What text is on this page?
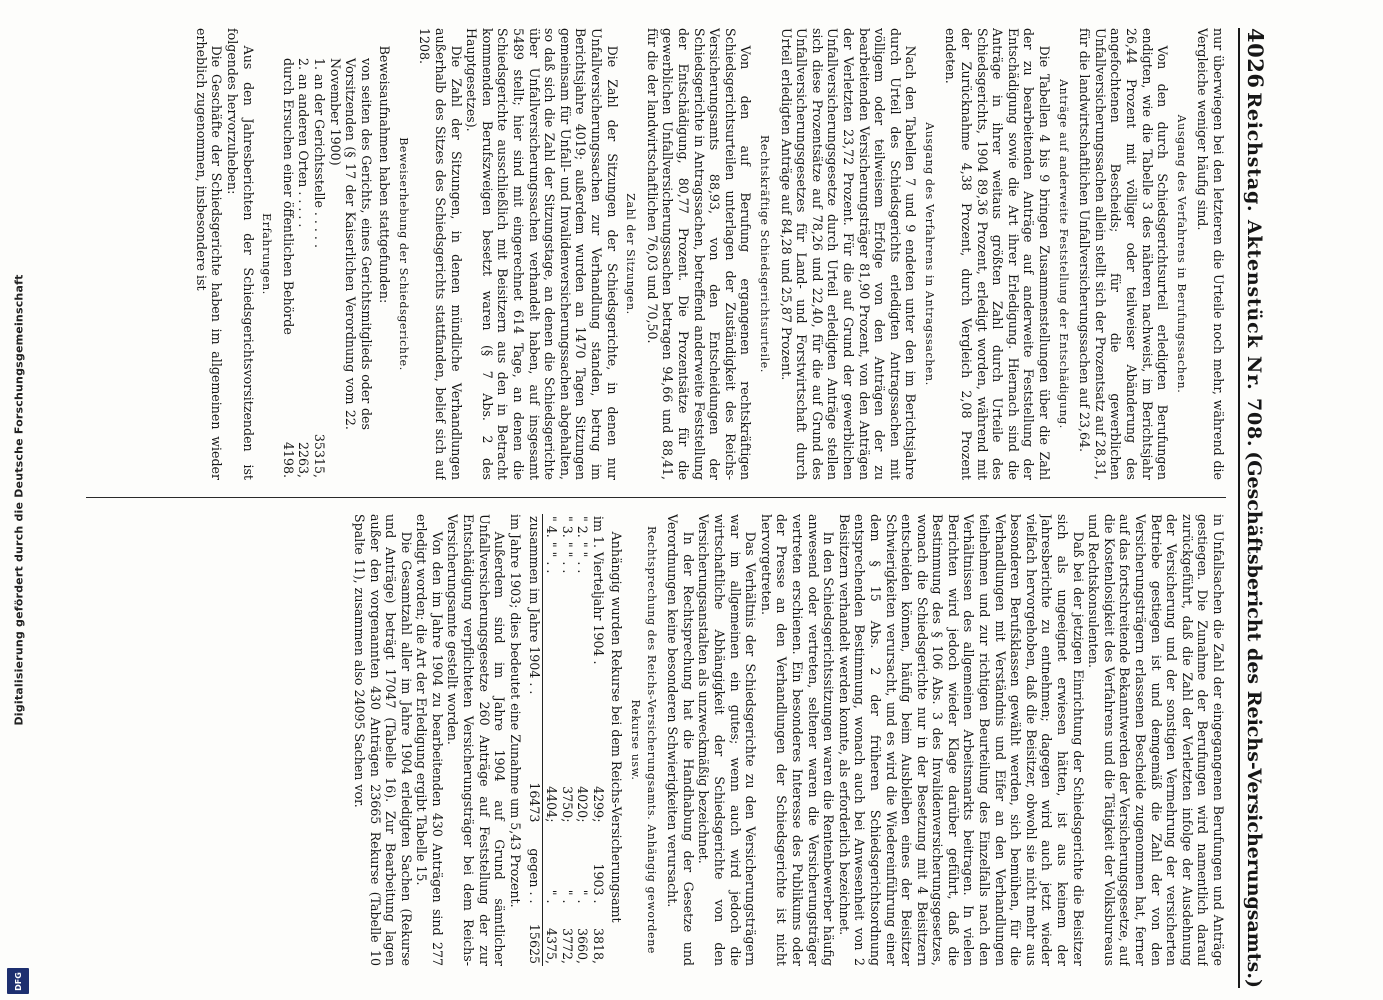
Digitalisierung gefördert durch die Deutsche Forschungsgemeinschaft
DFG
4026
Reichstag. Aktenstück Nr. 708.
(Geschäftsbericht des Reichs-Versicherungsamts.)

nur überwiegen bei den letzteren die Urteile noch mehr, während die Vergleiche weniger häufig sind.

Ausgang des Verfahrens in Berufungssachen.

Von den durch Schiedsgerichtsurteil erledigten Berufungen endigten, wie die Tabelle 3 des näheren nachweist, im Berichtsjahr 26,44 Prozent mit völliger oder teilweiser Abänderung des angefochtenen Bescheids; für die gewerblichen Unfallversicherungssachen allein stellt sich der Prozentsatz auf 28,31, für die landwirtschaftlichen Unfallversicherungssachen auf 23,64.

Anträge auf anderweite Feststellung der Entschädigung.

Die Tabellen 4 bis 9 bringen Zusammenstellungen über die Zahl der zu bearbeitenden Anträge auf anderweite Feststellung der Entschädigung sowie die Art ihrer Erledigung. Hiernach sind die Anträge in ihrer weitaus größten Zahl durch Urteile des Schiedsgerichts, 1904 89,36 Prozent, erledigt worden, während mit der Zurücknahme 4,38 Prozent, durch Vergleich 2,08 Prozent endeten.

Ausgang des Verfahrens in Antragssachen.

Nach den Tabellen 7 und 9 endeten unter den im Berichtsjahre durch Urteil des Schiedsgerichts erledigten Antragssachen mit völligem oder teilweisem Erfolge von den Anträgen der zu bearbeitenden Versicherungsträger 81,90 Prozent, von den Anträgen der Verletzten 23,72 Prozent. Für die auf Grund der gewerblichen Unfallversicherungsgesetze durch Urteil erledigten Anträge stellen sich diese Prozentsätze auf 78,26 und 22,40, für die auf Grund des Unfallversicherungsgesetzes für Land- und Forstwirtschaft durch Urteil erledigten Anträge auf 84,28 und 25,87 Prozent.

Rechtskräftige Schiedsgerichtsurteile.

Von den auf Berufung ergangenen rechtskräftigen Schiedsgerichtsurteilen unterlagen der Zuständigkeit des Reichs-Versicherungsamts 88,93, von den Entscheidungen der Schiedsgerichte in Antragssachen, betreffend anderweite Feststellung der Entschädigung, 80,77 Prozent. Die Prozentsätze für die gewerblichen Unfallversicherungssachen betragen 94,66 und 88,41, für die der landwirtschaftlichen 76,03 und 70,50.

Zahl der Sitzungen.

Die Zahl der Sitzungen der Schiedsgerichte, in denen nur Unfallversicherungssachen zur Verhandlung standen, betrug im Berichtsjahre 4019; außerdem wurden an 1470 Tagen Sitzungen gemeinsam für Unfall- und Invalidenversicherungssachen abgehalten, so daß sich die Zahl der Sitzungstage, an denen die Schiedsgerichte über Unfallversicherungssachen verhandelt haben, auf insgesamt 5489 stellt; hier sind mit eingerechnet 614 Tage, an denen die Schiedsgerichte ausschließlich mit Beisitzern aus den in Betracht kommenden Berufszweigen besetzt waren (§ 7 Abs. 2 des Hauptgesetzes).

Die Zahl der Sitzungen, in denen mündliche Verhandlungen außerhalb des Sitzes des Schiedsgerichts stattfanden, belief sich auf 1208.

Beweiserhebung der Schiedsgerichte.

Beweisaufnahmen haben stattgefunden:

von seiten des Gerichts, eines Gerichtsmitglieds oder des Vorsitzenden (§ 17 der Kaiserlichen Verordnung vom 22. November 1900)	
1. an der Gerichtsstelle . . . . .	35315,
2. an anderen Orten . . . . .	2263,
durch Ersuchen einer öffentlichen Behörde	4198.

Erfahrungen.

Aus den Jahresberichten der Schiedsgerichtsvorsitzenden ist folgendes hervorzuheben:

Die Geschäfte der Schiedsgerichte haben im allgemeinen wieder erheblich zugenommen, insbesondere ist

in Unfallsachen die Zahl der eingegangenen Berufungen und Anträge gestiegen. Die Zunahme der Berufungen wird namentlich darauf zurückgeführt, daß die Zahl der Verletzten infolge der Ausdehnung der Versicherung und der sonstigen Vermehrung der versicherten Betriebe gestiegen ist und demgemäß die Zahl der von den Versicherungsträgern erlassenen Bescheide zugenommen hat, ferner auf das fortschreitende Bekanntwerden der Versicherungsgesetze, auf die Kostenlosigkeit des Verfahrens und die Tätigkeit der Volksbureaus und Rechtskonsulenten.

Daß bei der jetzigen Einrichtung der Schiedsgerichte die Beisitzer sich als ungeeignet erwiesen hätten, ist aus keinem der Jahresberichte zu entnehmen; dagegen wird auch jetzt wieder vielfach hervorgehoben, daß die Beisitzer, obwohl sie nicht mehr aus besonderen Berufsklassen gewählt werden, sich bemühen, für die Verhandlungen mit Verständnis und Eifer an den Verhandlungen teilnehmen und zur richtigen Beurteilung des Einzelfalls nach den Verhältnissen des allgemeinen Arbeitsmarkts beitragen. In vielen Berichten wird jedoch wieder Klage darüber geführt, daß die Bestimmung des § 106 Abs. 3 des Invalidenversicherungsgesetzes, wonach die Schiedsgerichte nur in der Besetzung mit 4 Beisitzern entscheiden können, häufig beim Ausbleiben eines der Beisitzer Schwierigkeiten verursacht, und es wird die Wiedereinführung einer dem § 15 Abs. 2 der früheren Schiedsgerichtsordnung entsprechenden Bestimmung, wonach auch bei Anwesenheit von 2 Beisitzern verhandelt werden konnte, als erforderlich bezeichnet.

In den Schiedsgerichtssitzungen waren die Rentenbewerber häufig anwesend oder vertreten, seltener waren die Versicherungsträger vertreten erschienen. Ein besonderes Interesse des Publikums oder der Presse an den Verhandlungen der Schiedsgerichte ist nicht hervorgetreten.

Das Verhältnis der Schiedsgerichte zu den Versicherungsträgern war im allgemeinen ein gutes; wenn auch wird jedoch die wirtschaftliche Abhängigkeit der Schiedsgerichte von den Versicherungsanstalten als unzweckmäßig bezeichnet.

In der Rechtsprechung hat die Handhabung der Gesetze und Verordnungen keine besonderen Schwierigkeiten verursacht.

Rechtsprechung des Reichs-Versicherungsamts. Anhängig gewordene Rekurse usw.

Anhängig wurden Rekurse bei dem Reichs-Versicherungsamt

im 1. Vierteljahr 1904 .	4299;	1903 .	3818,
" 2. " " . .	4020;	" .	3660,
" 3. " " . .	3750;	" .	3772,
" 4. " " . .	4404;	" .	4375,
zusammen im Jahre 1904 . .	16473	gegen . .	15625

im Jahre 1903; dies bedeutet eine Zunahme um 5,43 Prozent.

Außerdem sind im Jahre 1904 auf Grund sämtlicher Unfallversicherungsgesetze 260 Anträge auf Feststellung der zur Entschädigung verpflichteten Versicherungsträger bei dem Reichs-Versicherungsamte gestellt worden.

Von den im Jahre 1904 zu bearbeitenden 430 Anträgen sind 277 erledigt worden; die Art der Erledigung ergibt Tabelle 15.

Die Gesamtzahl aller im Jahre 1904 erledigten Sachen (Rekurse und Anträge) beträgt 17047 (Tabelle 16). Zur Bearbeitung lagen außer den vorgenannten 430 Anträgen 23665 Rekurse (Tabelle 10 Spalte 11), zusammen also 24095 Sachen vor.
